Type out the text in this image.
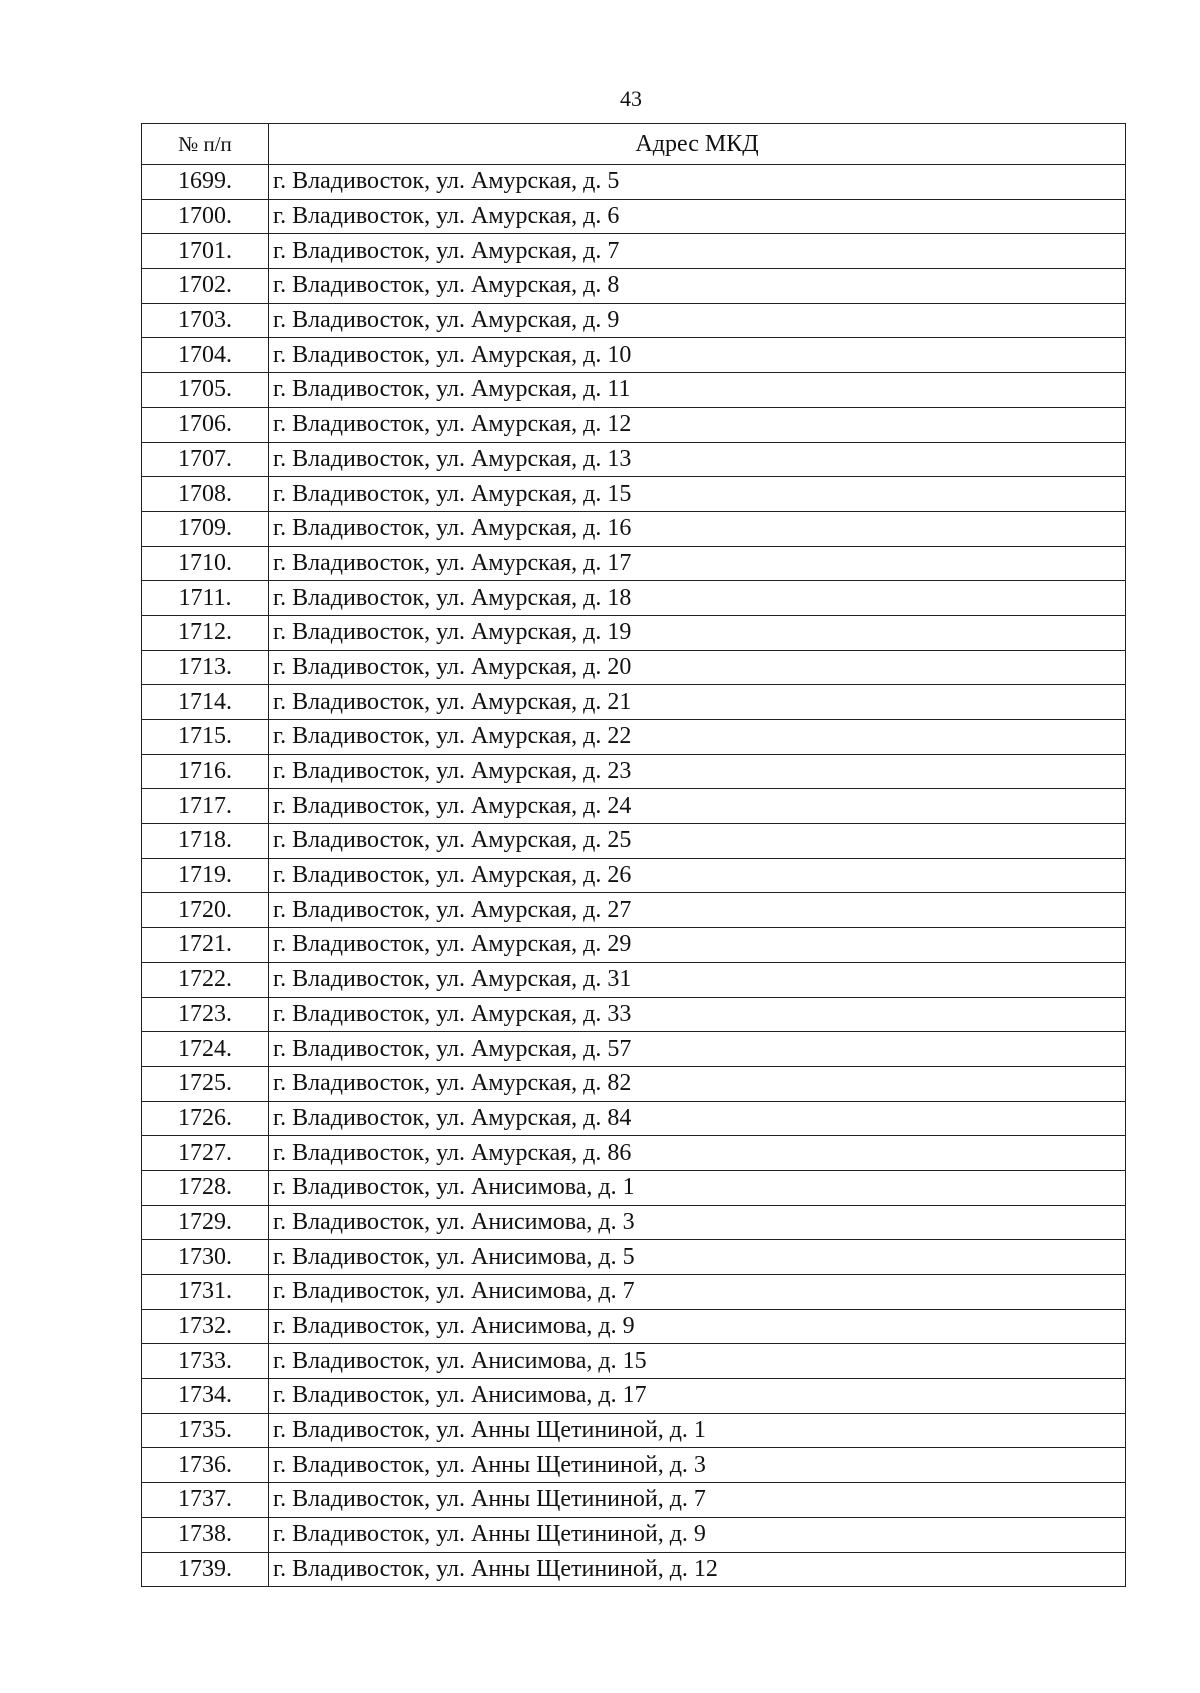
43
№ п/п	Адрес МКД
1699.	г. Владивосток, ул. Амурская, д. 5
1700.	г. Владивосток, ул. Амурская, д. 6
1701.	г. Владивосток, ул. Амурская, д. 7
1702.	г. Владивосток, ул. Амурская, д. 8
1703.	г. Владивосток, ул. Амурская, д. 9
1704.	г. Владивосток, ул. Амурская, д. 10
1705.	г. Владивосток, ул. Амурская, д. 11
1706.	г. Владивосток, ул. Амурская, д. 12
1707.	г. Владивосток, ул. Амурская, д. 13
1708.	г. Владивосток, ул. Амурская, д. 15
1709.	г. Владивосток, ул. Амурская, д. 16
1710.	г. Владивосток, ул. Амурская, д. 17
1711.	г. Владивосток, ул. Амурская, д. 18
1712.	г. Владивосток, ул. Амурская, д. 19
1713.	г. Владивосток, ул. Амурская, д. 20
1714.	г. Владивосток, ул. Амурская, д. 21
1715.	г. Владивосток, ул. Амурская, д. 22
1716.	г. Владивосток, ул. Амурская, д. 23
1717.	г. Владивосток, ул. Амурская, д. 24
1718.	г. Владивосток, ул. Амурская, д. 25
1719.	г. Владивосток, ул. Амурская, д. 26
1720.	г. Владивосток, ул. Амурская, д. 27
1721.	г. Владивосток, ул. Амурская, д. 29
1722.	г. Владивосток, ул. Амурская, д. 31
1723.	г. Владивосток, ул. Амурская, д. 33
1724.	г. Владивосток, ул. Амурская, д. 57
1725.	г. Владивосток, ул. Амурская, д. 82
1726.	г. Владивосток, ул. Амурская, д. 84
1727.	г. Владивосток, ул. Амурская, д. 86
1728.	г. Владивосток, ул. Анисимова, д. 1
1729.	г. Владивосток, ул. Анисимова, д. 3
1730.	г. Владивосток, ул. Анисимова, д. 5
1731.	г. Владивосток, ул. Анисимова, д. 7
1732.	г. Владивосток, ул. Анисимова, д. 9
1733.	г. Владивосток, ул. Анисимова, д. 15
1734.	г. Владивосток, ул. Анисимова, д. 17
1735.	г. Владивосток, ул. Анны Щетининой, д. 1
1736.	г. Владивосток, ул. Анны Щетининой, д. 3
1737.	г. Владивосток, ул. Анны Щетининой, д. 7
1738.	г. Владивосток, ул. Анны Щетининой, д. 9
1739.	г. Владивосток, ул. Анны Щетининой, д. 12
